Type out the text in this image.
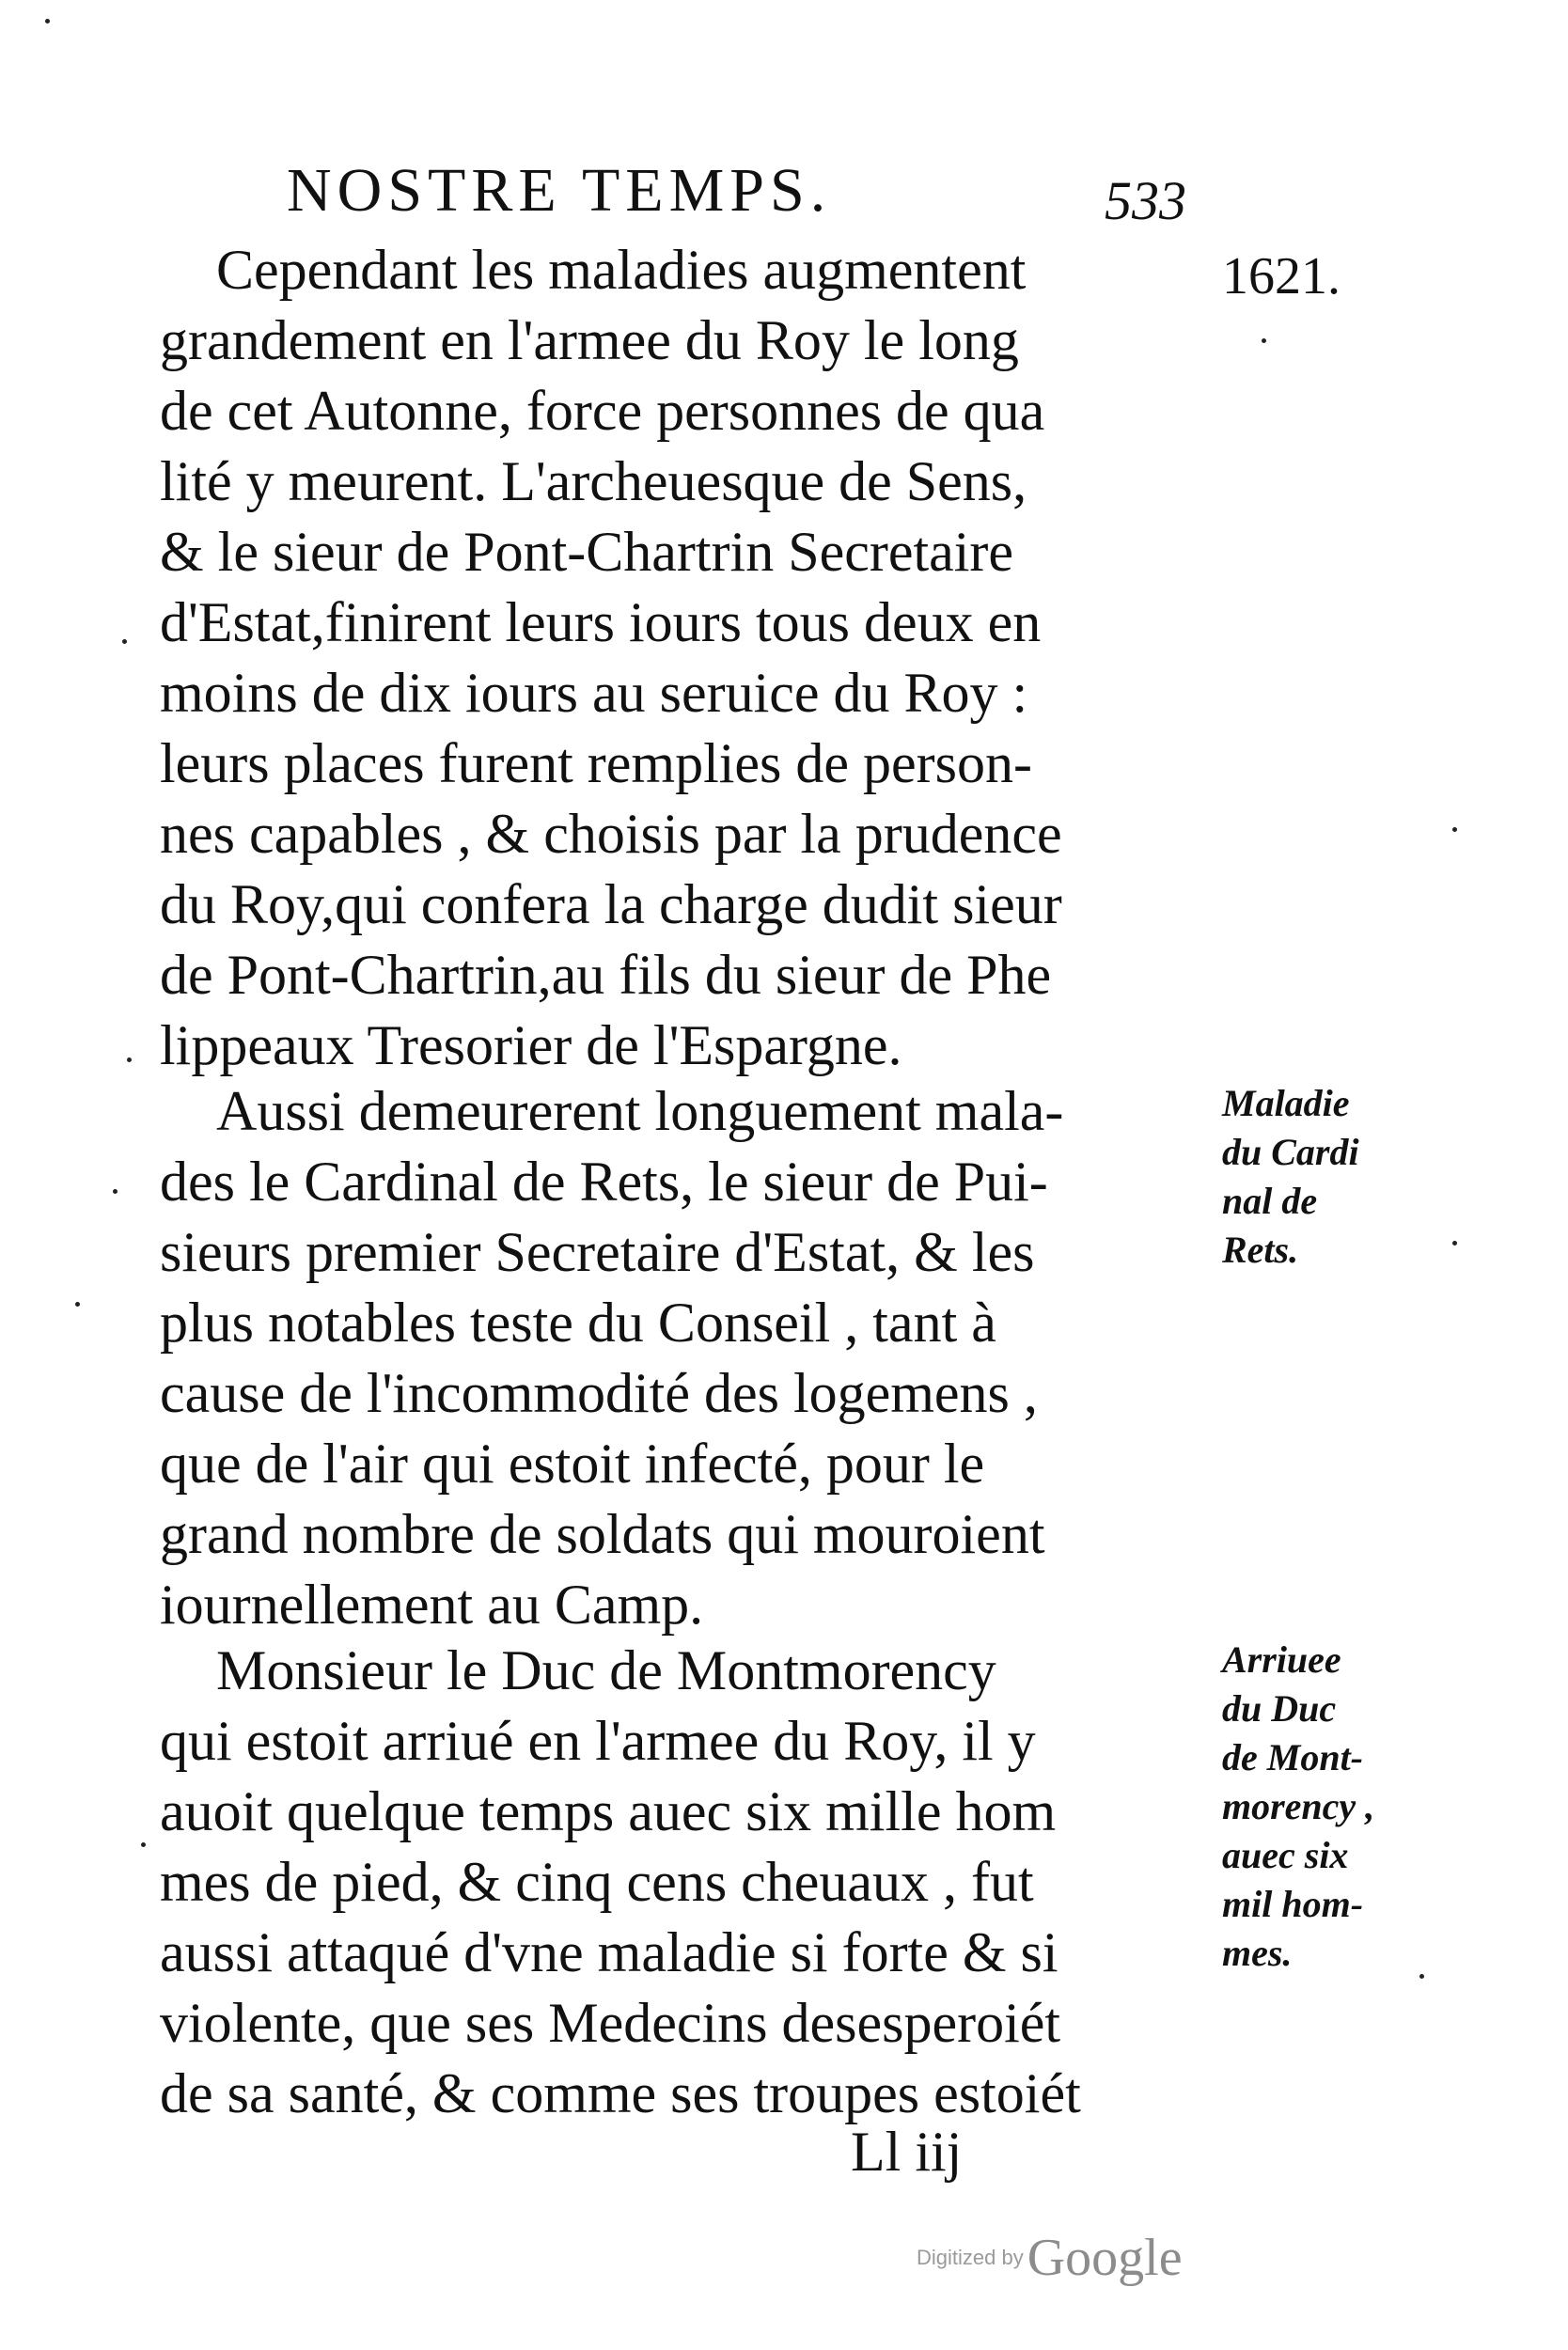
NOSTRE TEMPS.	533
1621.
Cependant les maladies augmentent
grandement en l'armee du Roy le long
de cet Autonne, force personnes de qua
lité y meurent. L'archeuesque de Sens,
& le sieur de Pont-Chartrin Secretaire
d'Estat,finirent leurs iours tous deux en
moins de dix iours au seruice du Roy :
leurs places furent remplies de person-
nes capables , & choisis par la prudence
du Roy,qui confera la charge dudit sieur
de Pont-Chartrin,au fils du sieur de Phe
lippeaux Tresorier de l'Espargne.
Aussi demeurerent longuement mala-
des le Cardinal de Rets, le sieur de Pui-
sieurs premier Secretaire d'Estat, & les
plus notables teste du Conseil , tant à
cause de l'incommodité des logemens ,
que de l'air qui estoit infecté, pour le
grand nombre de soldats qui mouroient
iournellement au Camp.
Monsieur le Duc de Montmorency
qui estoit arriué en l'armee du Roy, il y
auoit quelque temps auec six mille hom
mes de pied, & cinq cens cheuaux , fut
aussi attaqué d'vne maladie si forte & si
violente, que ses Medecins desesperoiét
de sa santé, & comme ses troupes estoiét
Maladie
du Cardi
nal de
Rets.
Arriuee
du Duc
de Mont-
morency ,
auec six
mil hom-
mes.
Ll iij
Digitized by Google
